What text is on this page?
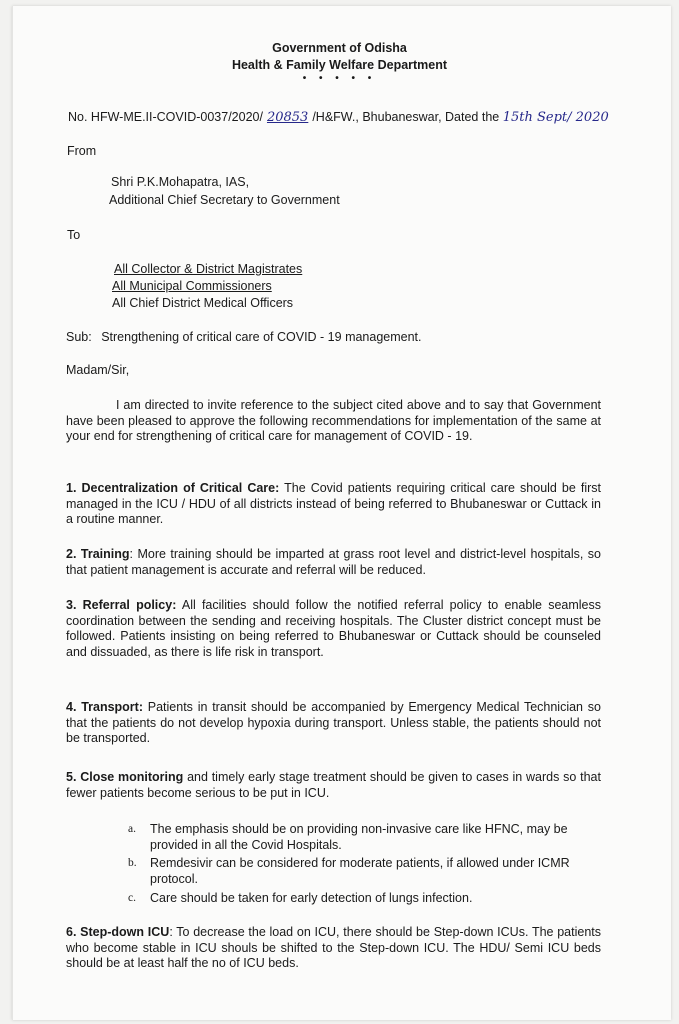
Government of Odisha
Health & Family Welfare Department
• • • • •
No. HFW-ME.II-COVID-0037/2020/ 20853 /H&FW., Bhubaneswar, Dated the 15th Sept/ 2020
From
Shri P.K.Mohapatra, IAS,
Additional Chief Secretary to Government
To
All Collector & District Magistrates
All Municipal Commissioners
All Chief District Medical Officers
Sub: Strengthening of critical care of COVID - 19 management.
Madam/Sir,
I am directed to invite reference to the subject cited above and to say that Government have been pleased to approve the following recommendations for implementation of the same at your end for strengthening of critical care for management of COVID - 19.
1. Decentralization of Critical Care: The Covid patients requiring critical care should be first managed in the ICU / HDU of all districts instead of being referred to Bhubaneswar or Cuttack in a routine manner.
2. Training: More training should be imparted at grass root level and district-level hospitals, so that patient management is accurate and referral will be reduced.
3. Referral policy: All facilities should follow the notified referral policy to enable seamless coordination between the sending and receiving hospitals. The Cluster district concept must be followed. Patients insisting on being referred to Bhubaneswar or Cuttack should be counseled and dissuaded, as there is life risk in transport.
4. Transport: Patients in transit should be accompanied by Emergency Medical Technician so that the patients do not develop hypoxia during transport. Unless stable, the patients should not be transported.
5. Close monitoring and timely early stage treatment should be given to cases in wards so that fewer patients become serious to be put in ICU.
a. The emphasis should be on providing non-invasive care like HFNC, may be provided in all the Covid Hospitals.
b. Remdesivir can be considered for moderate patients, if allowed under ICMR protocol.
c. Care should be taken for early detection of lungs infection.
6. Step-down ICU: To decrease the load on ICU, there should be Step-down ICUs. The patients who become stable in ICU shouls be shifted to the Step-down ICU. The HDU/ Semi ICU beds should be at least half the no of ICU beds.
